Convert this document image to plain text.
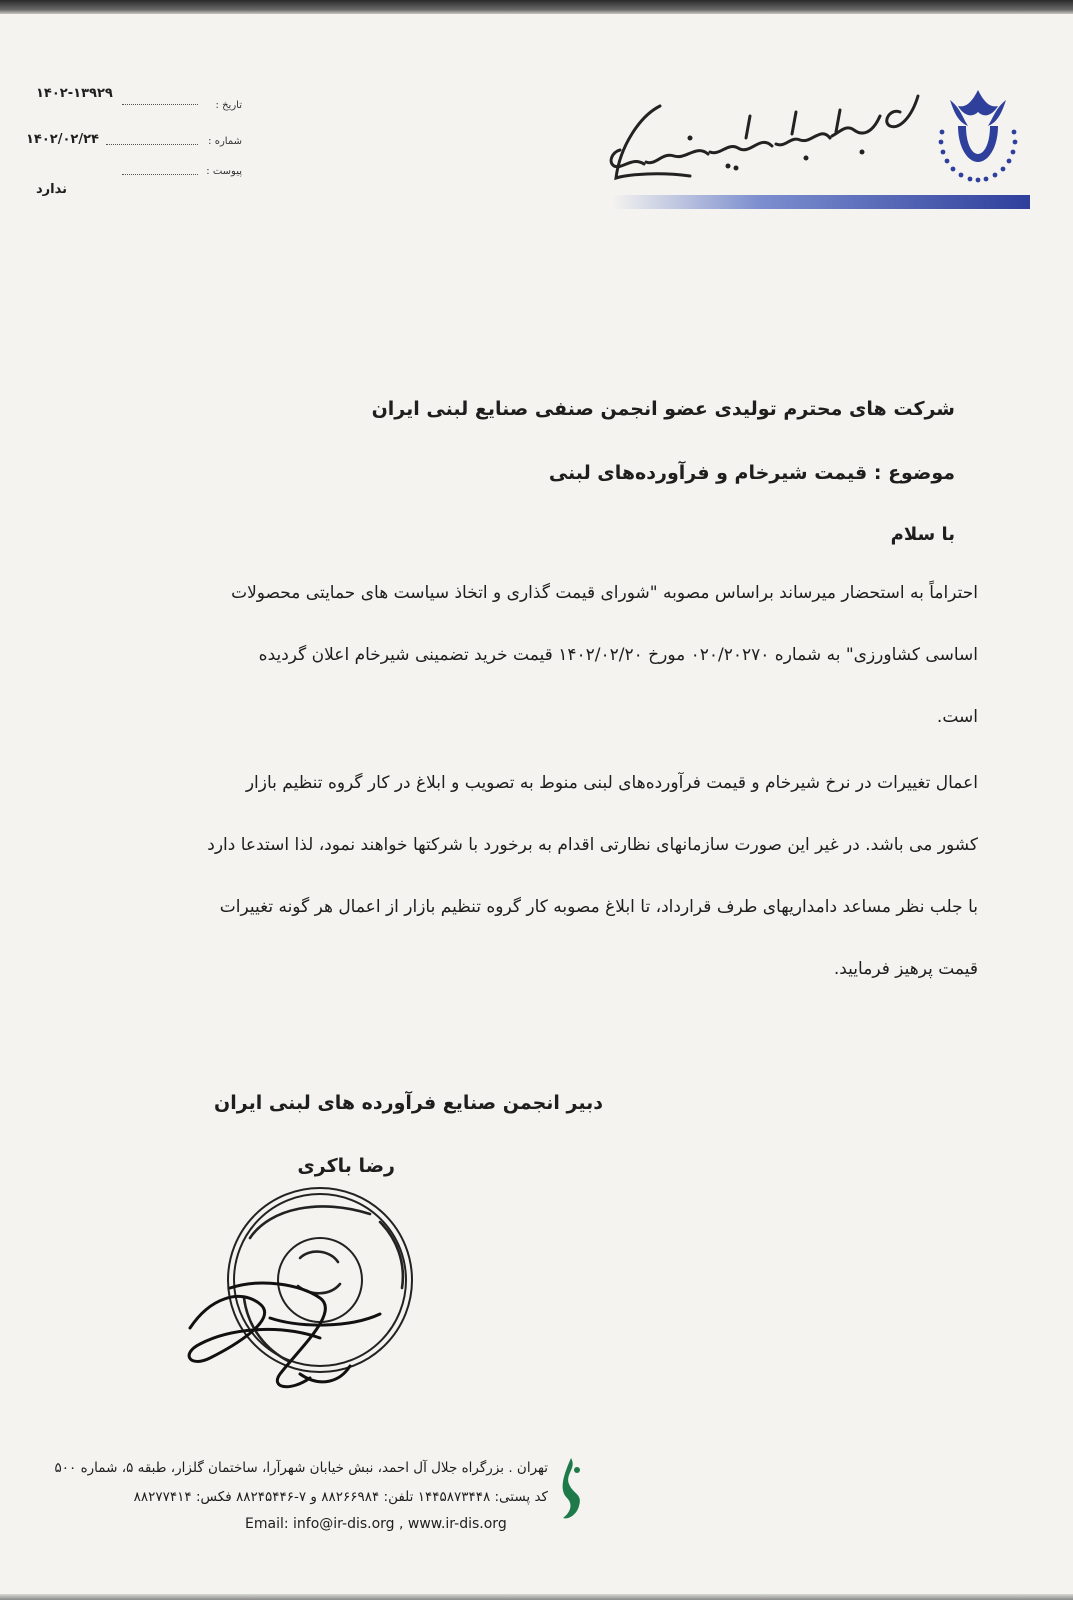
۱۴۰۲-۱۳۹۲۹
تاریخ :
۱۴۰۲/۰۲/۲۴	شماره :
پیوست :
ندارد
شرکت های محترم تولیدی عضو انجمن صنفی صنایع لبنی ایران
موضوع : قیمت شیرخام و فرآورده‌های لبنی
با سلام
احتراماً به استحضار میرساند براساس مصوبه "شورای قیمت گذاری و اتخاذ سیاست های حمایتی محصولات
اساسی کشاورزی" به شماره ۰۲۰/۲۰۲۷۰ مورخ ۱۴۰۲/۰۲/۲۰ قیمت خرید تضمینی شیرخام اعلان گردیده
است.
اعمال تغییرات در نرخ شیرخام و قیمت فرآورده‌های لبنی منوط به تصویب و ابلاغ در کار گروه تنظیم بازار
کشور می باشد. در غیر این صورت سازمانهای نظارتی اقدام به برخورد با شرکتها خواهند نمود، لذا استدعا دارد
با جلب نظر مساعد دامداریهای طرف قرارداد، تا ابلاغ مصوبه کار گروه تنظیم بازار از اعمال هر گونه تغییرات
قیمت پرهیز فرمایید.
دبیر انجمن صنایع فرآورده های لبنی ایران
رضا باکری
تهران . بزرگراه جلال آل احمد، نبش خیابان شهرآرا، ساختمان گلزار، طبقه ۵، شماره ۵۰۰
کد پستی: ۱۴۴۵۸۷۳۴۴۸ تلفن: ۸۸۲۶۶۹۸۴ و ۷-۸۸۲۴۵۴۴۶ فکس: ۸۸۲۷۷۴۱۴
Email: info@ir-dis.org , www.ir-dis.org
